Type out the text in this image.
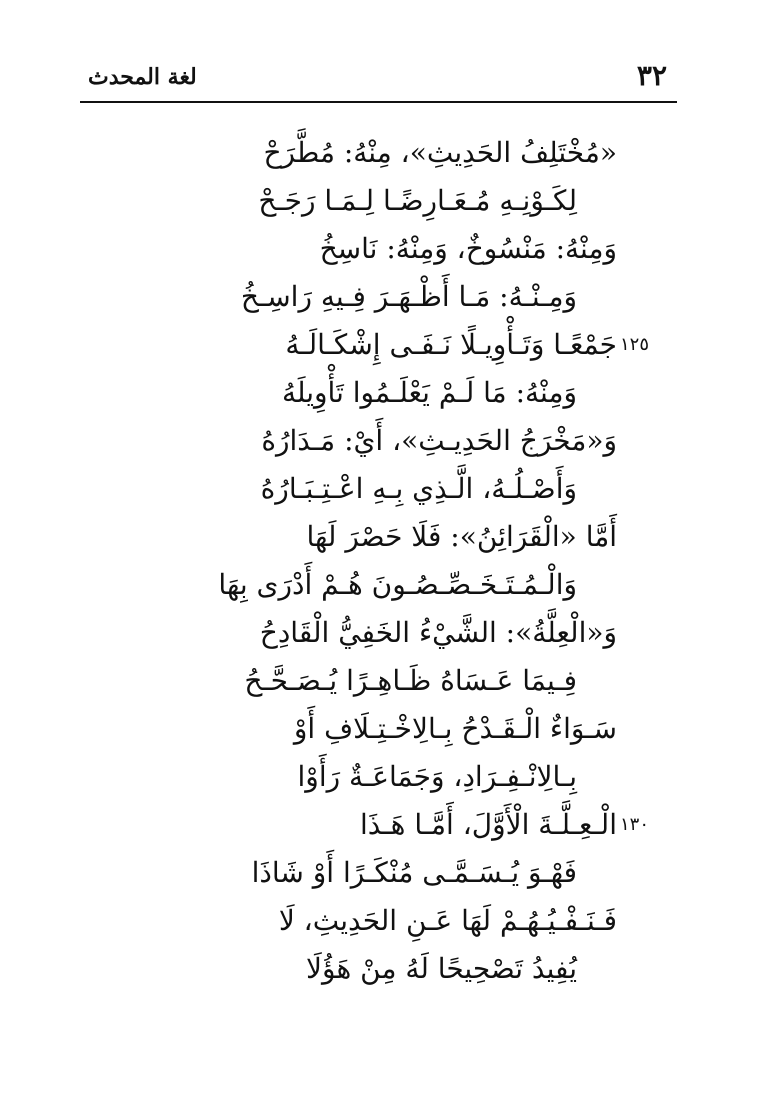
٣٢
لغة المحدث
«مُخْتَلِفُ الحَدِيثِ»، مِنْهُ: مُطَّرَحْ
لِكَـوْنِـهِ مُـعَـارِضًـا لِـمَـا رَجَـحْ
وَمِنْهُ: مَنْسُوخٌ، وَمِنْهُ: نَاسِخُ
وَمِـنْـهُ: مَـا أَظْـهَـرَ فِـيهِ رَاسِـخُ
جَمْعًـا وَتَـأْوِيـلًا نَـفَـى إِشْكَـالَـهُ ١٢٥
وَمِنْهُ: مَا لَـمْ يَعْلَـمُوا تَأْوِيلَهُ
وَ«مَخْرَجُ الحَدِيـثِ»، أَيْ: مَـدَارُهُ
وَأَصْـلُـهُ، الَّـذِي بِـهِ اعْـتِـبَـارُهُ
أَمَّا «الْقَرَائِنُ»: فَلَا حَصْرَ لَهَا
وَالْـمُـتَـخَـصِّـصُـونَ هُـمْ أَدْرَى بِهَا
وَ«الْعِلَّةُ»: الشَّيْءُ الخَفِيُّ الْقَادِحُ
فِـيمَا عَـسَاهُ ظَـاهِـرًا يُـصَـحَّـحُ
سَـوَاءٌ الْـقَـدْحُ بِـالِاخْـتِـلَافِ أَوْ
بِـالِانْـفِـرَادِ، وَجَمَاعَـةٌ رَأَوْا
الْـعِـلَّـةَ الْأَوَّلَ، أَمَّـا هَـذَا ١٣٠
فَهْـوَ يُـسَـمَّـى مُنْكَـرًا أَوْ شَاذَا
فَـنَـفْـيُـهُـمْ لَهَا عَـنِ الحَدِيثِ، لَا
يُفِيدُ تَصْحِيحًا لَهُ مِنْ هَؤُلَا
